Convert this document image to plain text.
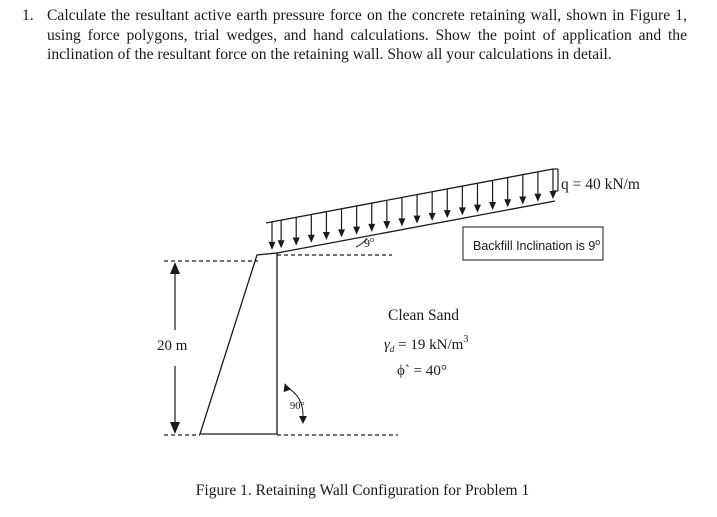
1. Calculate the resultant active earth pressure force on the concrete retaining wall, shown in Figure 1, using force polygons, trial wedges, and hand calculations. Show the point of application and the inclination of the resultant force on the retaining wall. Show all your calculations in detail.
q = 40 kN/m
9$^o$	Backfill Inclination is 9$^o$
20 m
Clean Sand
$\gamma_d = 19$ $kN/m^3$
ϕ` = 40°
90°
Figure 1. Retaining Wall Configuration for Problem 1
